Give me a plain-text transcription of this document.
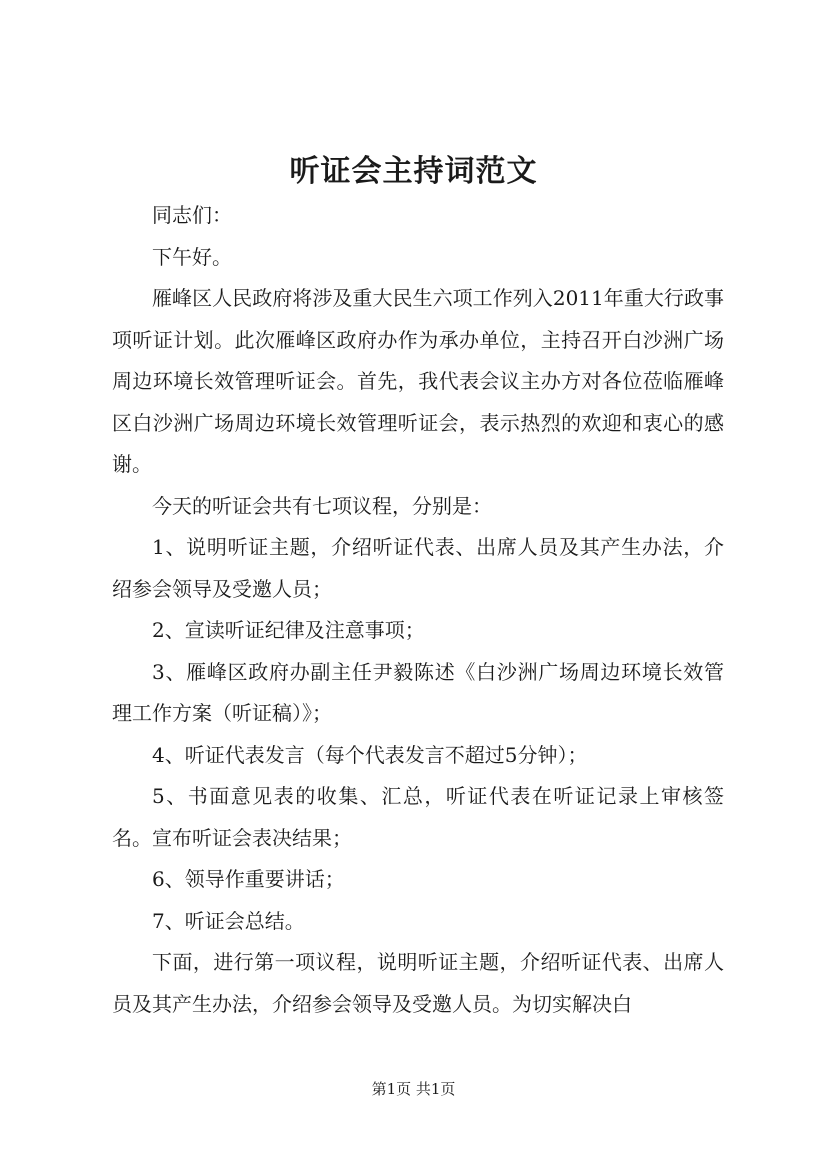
听证会主持词范文

同志们：

下午好。

雁峰区人民政府将涉及重大民生六项工作列入2011年重大行政事项听证计划。此次雁峰区政府办作为承办单位，主持召开白沙洲广场周边环境长效管理听证会。首先，我代表会议主办方对各位莅临雁峰区白沙洲广场周边环境长效管理听证会，表示热烈的欢迎和衷心的感谢。

今天的听证会共有七项议程，分别是：

1、说明听证主题，介绍听证代表、出席人员及其产生办法，介绍参会领导及受邀人员；

2、宣读听证纪律及注意事项；

3、雁峰区政府办副主任尹毅陈述《白沙洲广场周边环境长效管理工作方案（听证稿）》；

4、听证代表发言（每个代表发言不超过5分钟）；

5、书面意见表的收集、汇总，听证代表在听证记录上审核签名。宣布听证会表决结果；

6、领导作重要讲话；

7、听证会总结。

下面，进行第一项议程，说明听证主题，介绍听证代表、出席人员及其产生办法，介绍参会领导及受邀人员。为切实解决白

第1页 共1页
